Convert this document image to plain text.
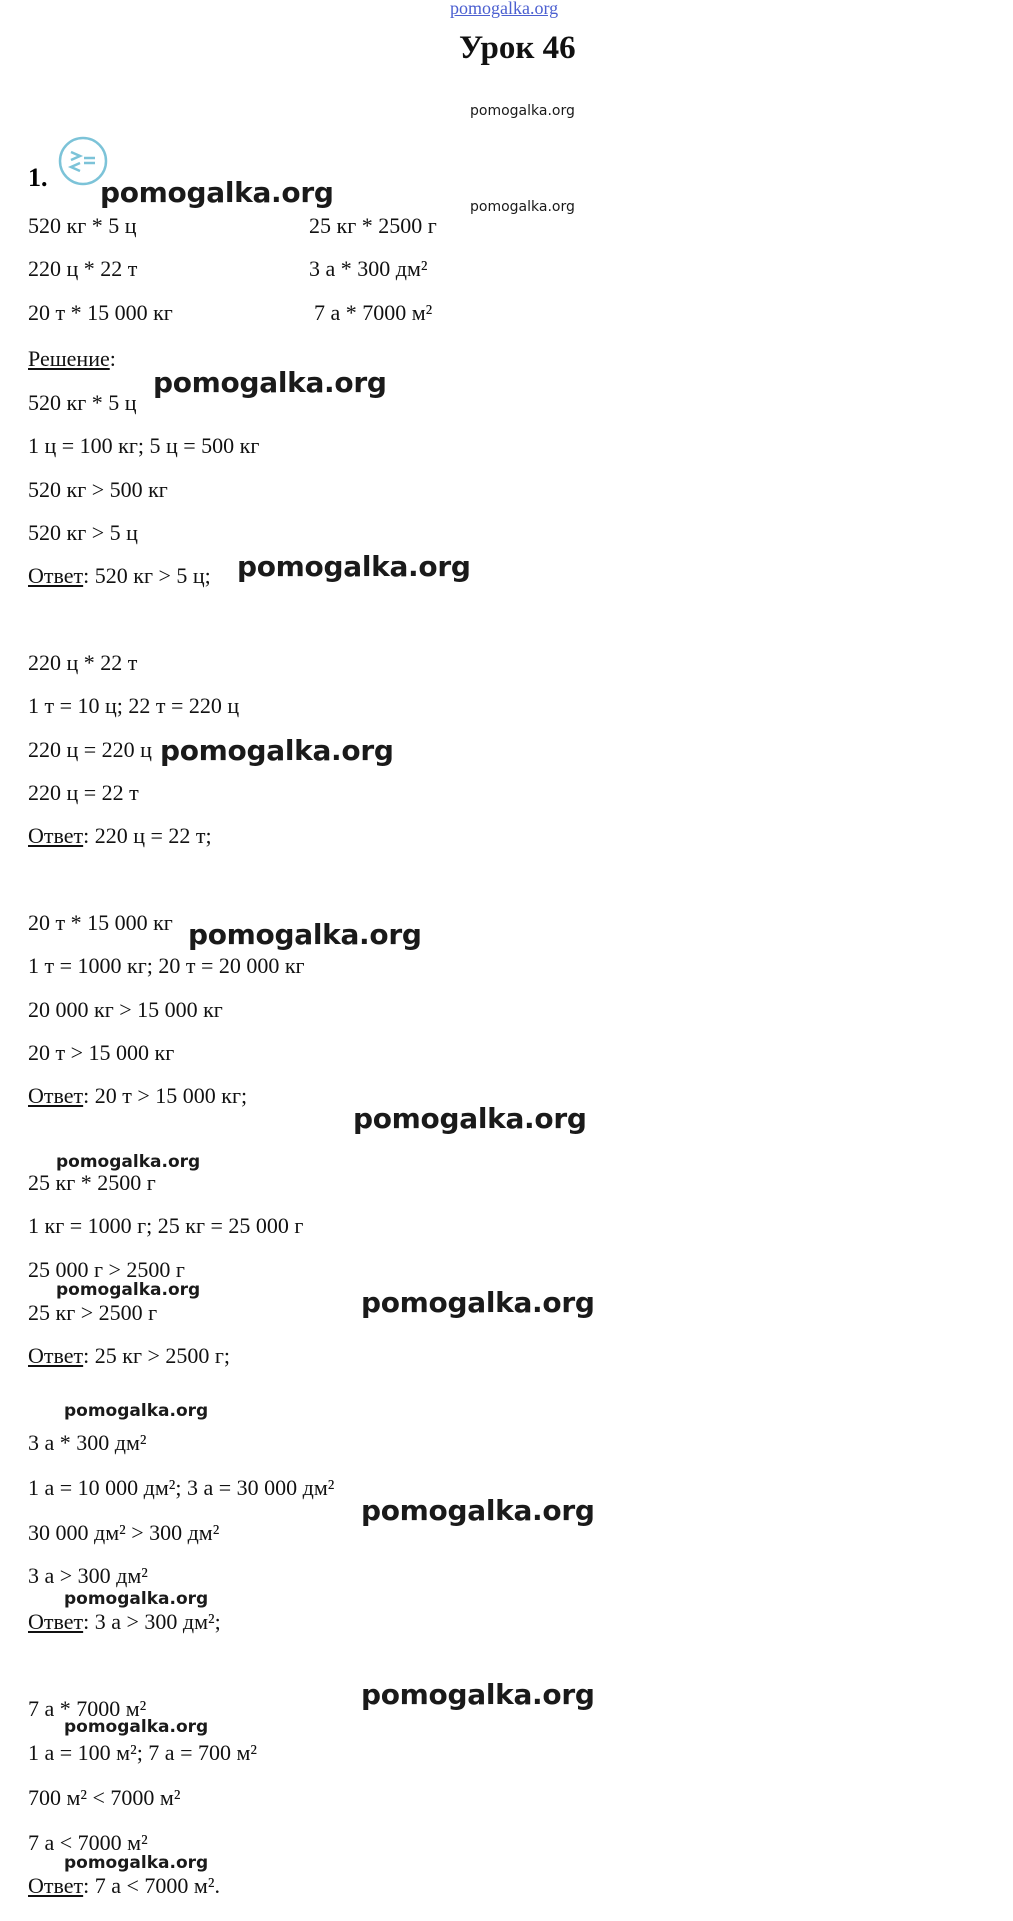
pomogalka.org
Урок 46
pomogalka.org
1. pomogalka.org	pomogalka.org
520 кг * 5 ц	25 кг * 2500 г
220 ц * 22 т	3 а * 300 дм²
20 т * 15 000 кг	7 а * 7000 м²
Решение:
520 кг * 5 ц
pomogalka.org
1 ц = 100 кг; 5 ц = 500 кг
520 кг > 500 кг
520 кг > 5 ц
Ответ: 520 кг > 5 ц; pomogalka.org
220 ц * 22 т
1 т = 10 ц; 22 т = 220 ц
220 ц = 220 ц pomogalka.org
220 ц = 22 т
Ответ: 220 ц = 22 т;
20 т * 15 000 кг pomogalka.org
1 т = 1000 кг; 20 т = 20 000 кг
20 000 кг > 15 000 кг
20 т > 15 000 кг
Ответ: 20 т > 15 000 кг;
pomogalka.org
pomogalka.org
25 кг * 2500 г
1 кг = 1000 г; 25 кг = 25 000 г
25 000 г > 2500 г
pomogalka.org
25 кг > 2500 г	pomogalka.org
Ответ: 25 кг > 2500 г;
pomogalka.org
3 а * 300 дм²
1 а = 10 000 дм²; 3 а = 30 000 дм²
30 000 дм² > 300 дм²
pomogalka.org
3 а > 300 дм²
pomogalka.org
Ответ: 3 а > 300 дм²;
7 а * 7000 м²	pomogalka.org
pomogalka.org
1 а = 100 м²; 7 а = 700 м²
700 м² < 7000 м²
7 а < 7000 м²
pomogalka.org
Ответ: 7 а < 7000 м².
